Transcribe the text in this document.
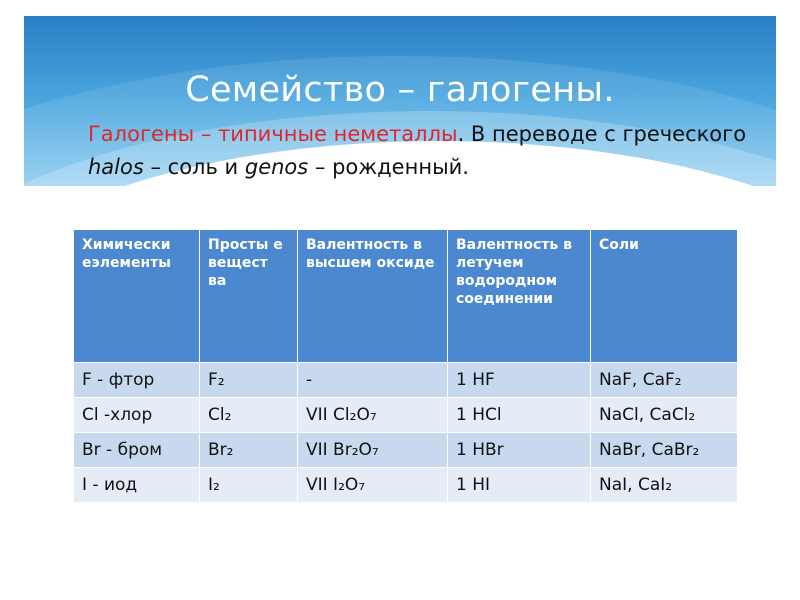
Семейство – галогены.
Галогены – типичные неметаллы. В переводе с греческого halos – соль и genos – рожденный.
Химически еэлементы	Просты е вещест ва	Валентность в высшем оксиде	Валентность в летучем водородном соединении	Соли
F - фтор	F₂	-	1 HF	NaF, CaF₂
Cl -хлор	Cl₂	VII Cl₂O₇	1 HCl	NaCl, CaCl₂
Br - бром	Br₂	VII Br₂O₇	1 HBr	NaBr, CaBr₂
I - иод	I₂	VII I₂O₇	1 HI	NaI, CaI₂
